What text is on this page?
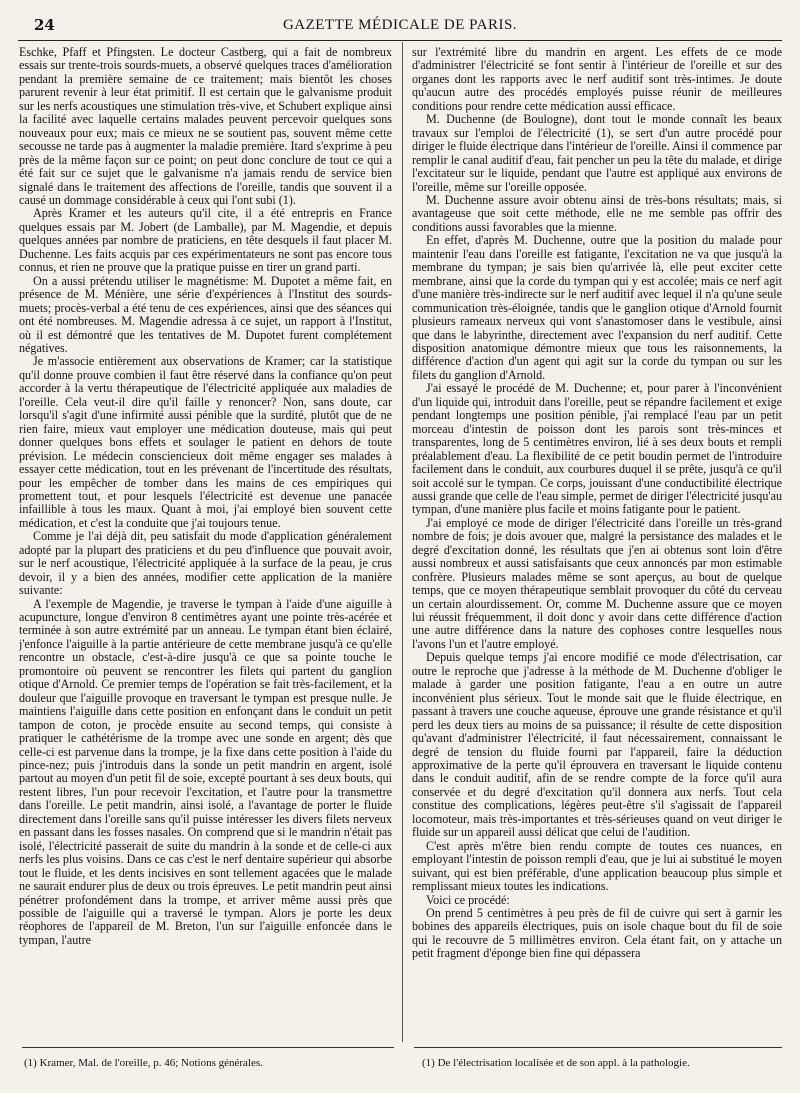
24	GAZETTE MÉDICALE DE PARIS.

Eschke, Pfaff et Pfingsten. Le docteur Castberg, qui a fait de nombreux essais sur trente-trois sourds-muets, a observé quelques traces d'amélioration pendant la première semaine de ce traitement; mais bientôt les choses parurent revenir à leur état primitif. Il est certain que le galvanisme produit sur les nerfs acoustiques une stimulation très-vive, et Schubert explique ainsi la facilité avec laquelle certains malades peuvent percevoir quelques sons nouveaux pour eux; mais ce mieux ne se soutient pas, souvent même cette secousse ne tarde pas à augmenter la maladie première. Itard s'exprime à peu près de la même façon sur ce point; on peut donc conclure de tout ce qui a été fait sur ce sujet que le galvanisme n'a jamais rendu de service bien signalé dans le traitement des affections de l'oreille, tandis que souvent il a causé un dommage considérable à ceux qui l'ont subi (1).

Après Kramer et les auteurs qu'il cite, il a été entrepris en France quelques essais par M. Jobert (de Lamballe), par M. Magendie, et depuis quelques années par nombre de praticiens, en tête desquels il faut placer M. Duchenne. Les faits acquis par ces expérimentateurs ne sont pas encore tous connus, et rien ne prouve que la pratique puisse en tirer un grand parti.

On a aussi prétendu utiliser le magnétisme: M. Dupotet a même fait, en présence de M. Ménière, une série d'expériences à l'Institut des sourds-muets; procès-verbal a été tenu de ces expériences, ainsi que des séances qui ont été nombreuses. M. Magendie adressa à ce sujet, un rapport à l'Institut, où il est démontré que les tentatives de M. Dupotet furent complétement négatives.

Je m'associe entièrement aux observations de Kramer; car la statistique qu'il donne prouve combien il faut être réservé dans la confiance qu'on peut accorder à la vertu thérapeutique de l'électricité appliquée aux maladies de l'oreille. Cela veut-il dire qu'il faille y renoncer? Non, sans doute, car lorsqu'il s'agit d'une infirmité aussi pénible que la surdité, plutôt que de ne rien faire, mieux vaut employer une médication douteuse, mais qui peut donner quelques bons effets et soulager le patient en dehors de toute prévision. Le médecin consciencieux doit même engager ses malades à essayer cette médication, tout en les prévenant de l'incertitude des résultats, pour les empêcher de tomber dans les mains de ces empiriques qui promettent tout, et pour lesquels l'électricité est devenue une panacée infaillible à tous les maux. Quant à moi, j'ai employé bien souvent cette médication, et c'est la conduite que j'ai toujours tenue.

Comme je l'ai déjà dit, peu satisfait du mode d'application généralement adopté par la plupart des praticiens et du peu d'influence que pouvait avoir, sur le nerf acoustique, l'électricité appliquée à la surface de la peau, je crus devoir, il y a bien des années, modifier cette application de la manière suivante:

A l'exemple de Magendie, je traverse le tympan à l'aide d'une aiguille à acupuncture, longue d'environ 8 centimètres ayant une pointe très-acérée et terminée à son autre extrémité par un anneau. Le tympan étant bien éclairé, j'enfonce l'aiguille à la partie antérieure de cette membrane jusqu'à ce qu'elle rencontre un obstacle, c'est-à-dire jusqu'à ce que sa pointe touche le promontoire où peuvent se rencontrer les filets qui partent du ganglion otique d'Arnold. Ce premier temps de l'opération se fait très-facilement, et la douleur que l'aiguille provoque en traversant le tympan est presque nulle. Je maintiens l'aiguille dans cette position en enfonçant dans le conduit un petit tampon de coton, je procède ensuite au second temps, qui consiste à pratiquer le cathétérisme de la trompe avec une sonde en argent; dès que celle-ci est parvenue dans la trompe, je la fixe dans cette position à l'aide du pince-nez; puis j'introduis dans la sonde un petit mandrin en argent, isolé partout au moyen d'un petit fil de soie, excepté pourtant à ses deux bouts, qui restent libres, l'un pour recevoir l'excitation, et l'autre pour la transmettre dans l'oreille. Le petit mandrin, ainsi isolé, a l'avantage de porter le fluide directement dans l'oreille sans qu'il puisse intéresser les divers filets nerveux en passant dans les fosses nasales. On comprend que si le mandrin n'était pas isolé, l'électricité passerait de suite du mandrin à la sonde et de celle-ci aux nerfs les plus voisins. Dans ce cas c'est le nerf dentaire supérieur qui absorbe tout le fluide, et les dents incisives en sont tellement agacées que le malade ne saurait endurer plus de deux ou trois épreuves. Le petit mandrin peut ainsi pénétrer profondément dans la trompe, et arriver même aussi près que possible de l'aiguille qui a traversé le tympan. Alors je porte les deux réophores de l'appareil de M. Breton, l'un sur l'aiguille enfoncée dans le tympan, l'autre

sur l'extrémité libre du mandrin en argent. Les effets de ce mode d'administrer l'électricité se font sentir à l'intérieur de l'oreille et sur des organes dont les rapports avec le nerf auditif sont très-intimes. Je doute qu'aucun autre des procédés employés puisse réunir de meilleures conditions pour rendre cette médication aussi efficace.

M. Duchenne (de Boulogne), dont tout le monde connaît les beaux travaux sur l'emploi de l'électricité (1), se sert d'un autre procédé pour diriger le fluide électrique dans l'intérieur de l'oreille. Ainsi il commence par remplir le canal auditif d'eau, fait pencher un peu la tête du malade, et dirige l'excitateur sur le liquide, pendant que l'autre est appliqué aux environs de l'oreille, même sur l'oreille opposée.

M. Duchenne assure avoir obtenu ainsi de très-bons résultats; mais, si avantageuse que soit cette méthode, elle ne me semble pas offrir des conditions aussi favorables que la mienne.

En effet, d'après M. Duchenne, outre que la position du malade pour maintenir l'eau dans l'oreille est fatigante, l'excitation ne va que jusqu'à la membrane du tympan; je sais bien qu'arrivée là, elle peut exciter cette membrane, ainsi que la corde du tympan qui y est accolée; mais ce nerf agit d'une manière très-indirecte sur le nerf auditif avec lequel il n'a qu'une seule communication très-éloignée, tandis que le ganglion otique d'Arnold fournit plusieurs rameaux nerveux qui vont s'anastomoser dans le vestibule, ainsi que dans le labyrinthe, directement avec l'expansion du nerf auditif. Cette disposition anatomique démontre mieux que tous les raisonnements, la différence d'action d'un agent qui agit sur la corde du tympan ou sur les filets du ganglion d'Arnold.

J'ai essayé le procédé de M. Duchenne; et, pour parer à l'inconvénient d'un liquide qui, introduit dans l'oreille, peut se répandre facilement et exige pendant longtemps une position pénible, j'ai remplacé l'eau par un petit morceau d'intestin de poisson dont les parois sont très-minces et transparentes, long de 5 centimètres environ, lié à ses deux bouts et rempli préalablement d'eau. La flexibilité de ce petit boudin permet de l'introduire facilement dans le conduit, aux courbures duquel il se prête, jusqu'à ce qu'il soit accolé sur le tympan. Ce corps, jouissant d'une conductibilité électrique aussi grande que celle de l'eau simple, permet de diriger l'électricité jusqu'au tympan, d'une manière plus facile et moins fatigante pour le patient.

J'ai employé ce mode de diriger l'électricité dans l'oreille un très-grand nombre de fois; je dois avouer que, malgré la persistance des malades et le degré d'excitation donné, les résultats que j'en ai obtenus sont loin d'être aussi nombreux et aussi satisfaisants que ceux annoncés par mon estimable confrère. Plusieurs malades même se sont aperçus, au bout de quelque temps, que ce moyen thérapeutique semblait provoquer du côté du cerveau un certain alourdissement. Or, comme M. Duchenne assure que ce moyen lui réussit fréquemment, il doit donc y avoir dans cette différence d'action une autre différence dans la nature des cophoses contre lesquelles nous l'avons l'un et l'autre employé.

Depuis quelque temps j'ai encore modifié ce mode d'électrisation, car outre le reproche que j'adresse à la méthode de M. Duchenne d'obliger le malade à garder une position fatigante, l'eau a en outre un autre inconvénient plus sérieux. Tout le monde sait que le fluide électrique, en passant à travers une couche aqueuse, éprouve une grande résistance et qu'il perd les deux tiers au moins de sa puissance; il résulte de cette disposition qu'avant d'administrer l'électricité, il faut nécessairement, connaissant le degré de tension du fluide fourni par l'appareil, faire la déduction approximative de la perte qu'il éprouvera en traversant le liquide contenu dans le conduit auditif, afin de se rendre compte de la force qu'il aura conservée et du degré d'excitation qu'il donnera aux nerfs. Tout cela constitue des complications, légères peut-être s'il s'agissait de l'appareil locomoteur, mais très-importantes et très-sérieuses quand on veut diriger le fluide sur un appareil aussi délicat que celui de l'audition.

C'est après m'être bien rendu compte de toutes ces nuances, en employant l'intestin de poisson rempli d'eau, que je lui ai substitué le moyen suivant, qui est bien préférable, d'une application beaucoup plus simple et remplissant mieux toutes les indications.

Voici ce procédé:

On prend 5 centimètres à peu près de fil de cuivre qui sert à garnir les bobines des appareils électriques, puis on isole chaque bout du fil de soie qui le recouvre de 5 millimètres environ. Cela étant fait, on y attache un petit fragment d'éponge bien fine qui dépassera

(1) Kramer, Mal. de l'oreille, p. 46; Notions générales.	(1) De l'électrisation localisée et de son appl. à la pathologie.
